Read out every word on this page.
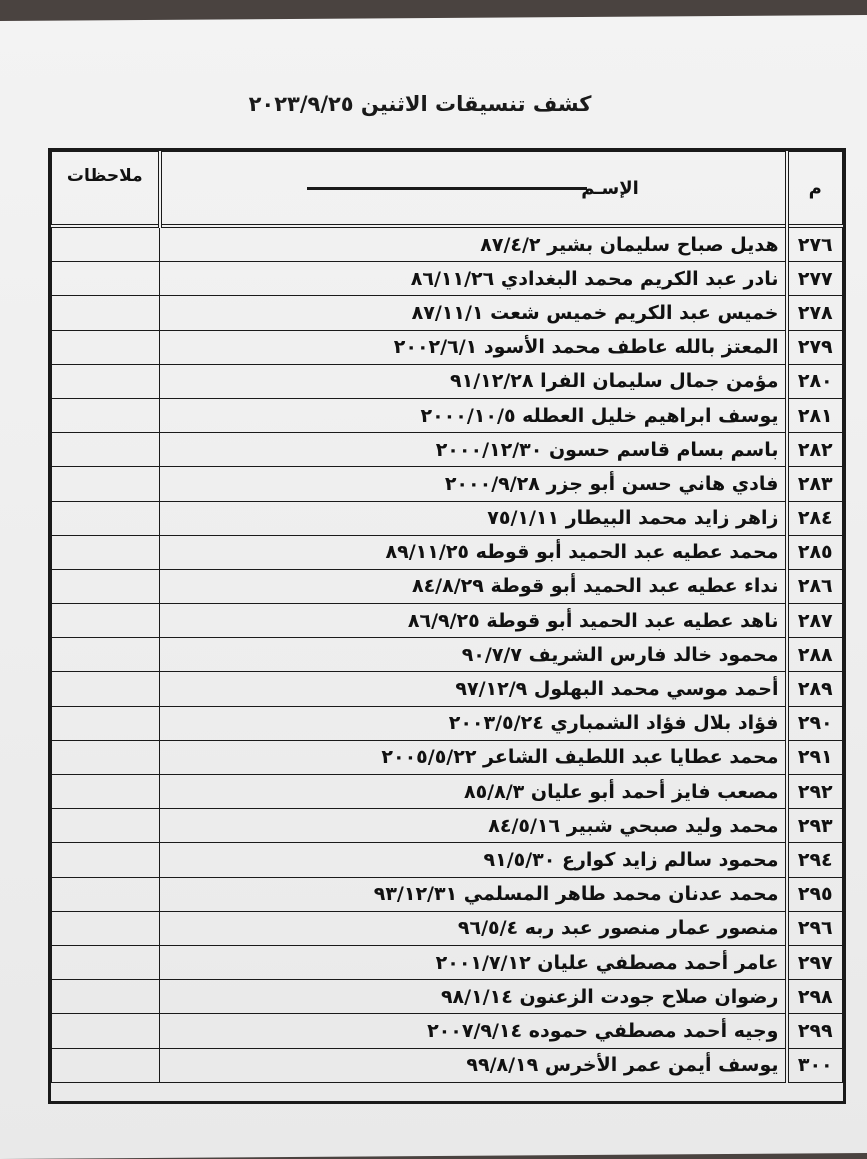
كشف تنسيقات الاثنين ٢٠٢٣/٩/٢٥
م	الإسـم	ملاحظات
٢٧٦	هديل صباح سليمان بشير ٨٧/٤/٢	
٢٧٧	نادر عبد الكريم محمد البغدادي ٨٦/١١/٢٦	
٢٧٨	خميس عبد الكريم خميس شعت ٨٧/١١/١	
٢٧٩	المعتز بالله عاطف محمد الأسود ٢٠٠٢/٦/١	
٢٨٠	مؤمن جمال سليمان الفرا ٩١/١٢/٢٨	
٢٨١	يوسف ابراهيم خليل العطله ٢٠٠٠/١٠/٥	
٢٨٢	باسم بسام قاسم حسون ٢٠٠٠/١٢/٣٠	
٢٨٣	فادي هاني حسن أبو جزر ٢٠٠٠/٩/٢٨	
٢٨٤	زاهر زايد محمد البيطار ٧٥/١/١١	
٢٨٥	محمد عطيه عبد الحميد أبو قوطه ٨٩/١١/٢٥	
٢٨٦	نداء عطيه عبد الحميد أبو قوطة ٨٤/٨/٢٩	
٢٨٧	ناهد عطيه عبد الحميد أبو قوطة ٨٦/٩/٢٥	
٢٨٨	محمود خالد فارس الشريف ٩٠/٧/٧	
٢٨٩	أحمد موسي محمد البهلول ٩٧/١٢/٩	
٢٩٠	فؤاد بلال فؤاد الشمباري ٢٠٠٣/٥/٢٤	
٢٩١	محمد عطايا عبد اللطيف الشاعر ٢٠٠٥/٥/٢٢	
٢٩٢	مصعب فايز أحمد أبو عليان ٨٥/٨/٣	
٢٩٣	محمد وليد صبحي شبير ٨٤/٥/١٦	
٢٩٤	محمود سالم زايد كوارع ٩١/٥/٣٠	
٢٩٥	محمد عدنان محمد طاهر المسلمي ٩٣/١٢/٣١	
٢٩٦	منصور عمار منصور عبد ربه ٩٦/٥/٤	
٢٩٧	عامر أحمد مصطفي عليان ٢٠٠١/٧/١٢	
٢٩٨	رضوان صلاح جودت الزعنون ٩٨/١/١٤	
٢٩٩	وجيه أحمد مصطفي حموده ٢٠٠٧/٩/١٤	
٣٠٠	يوسف أيمن عمر الأخرس ٩٩/٨/١٩	
